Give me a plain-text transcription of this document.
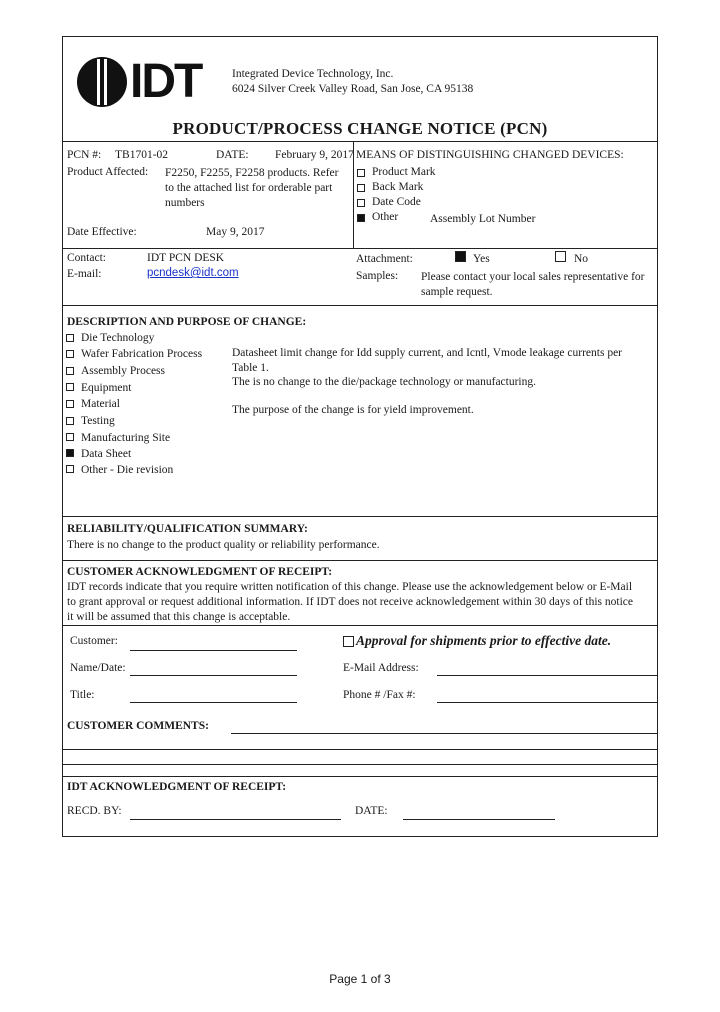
IDT	Integrated Device Technology, Inc.
6024 Silver Creek Valley Road, San Jose, CA 95138
PRODUCT/PROCESS CHANGE NOTICE (PCN)
PCN #: TB1701-02	DATE: February 9, 2017
Product Affected: F2250, F2255, F2258 products. Refer to the attached list for orderable part numbers
Date Effective:	May 9, 2017
MEANS OF DISTINGUISHING CHANGED DEVICES:
Product Mark
Back Mark
Date Code
Other	Assembly Lot Number
Contact:	IDT PCN DESK
E-mail:	pcndesk@idt.com
Attachment:	Yes	No
Samples: Please contact your local sales representative for sample request.
DESCRIPTION AND PURPOSE OF CHANGE:
Die Technology
Wafer Fabrication Process
Assembly Process
Equipment
Material
Testing
Manufacturing Site
Data Sheet
Other - Die revision
Datasheet limit change for Idd supply current, and Icntl, Vmode leakage currents per Table 1.
The is no change to the die/package technology or manufacturing.
The purpose of the change is for yield improvement.
RELIABILITY/QUALIFICATION SUMMARY:
There is no change to the product quality or reliability performance.
CUSTOMER ACKNOWLEDGMENT OF RECEIPT:
IDT records indicate that you require written notification of this change. Please use the acknowledgement below or E-Mail
to grant approval or request additional information. If IDT does not receive acknowledgement within 30 days of this notice
it will be assumed that this change is acceptable.
Customer:	Approval for shipments prior to effective date.
Name/Date:	E-Mail Address:
Title:	Phone # /Fax #:
CUSTOMER COMMENTS:
IDT ACKNOWLEDGMENT OF RECEIPT:
RECD. BY:	DATE:
Page 1 of 3
